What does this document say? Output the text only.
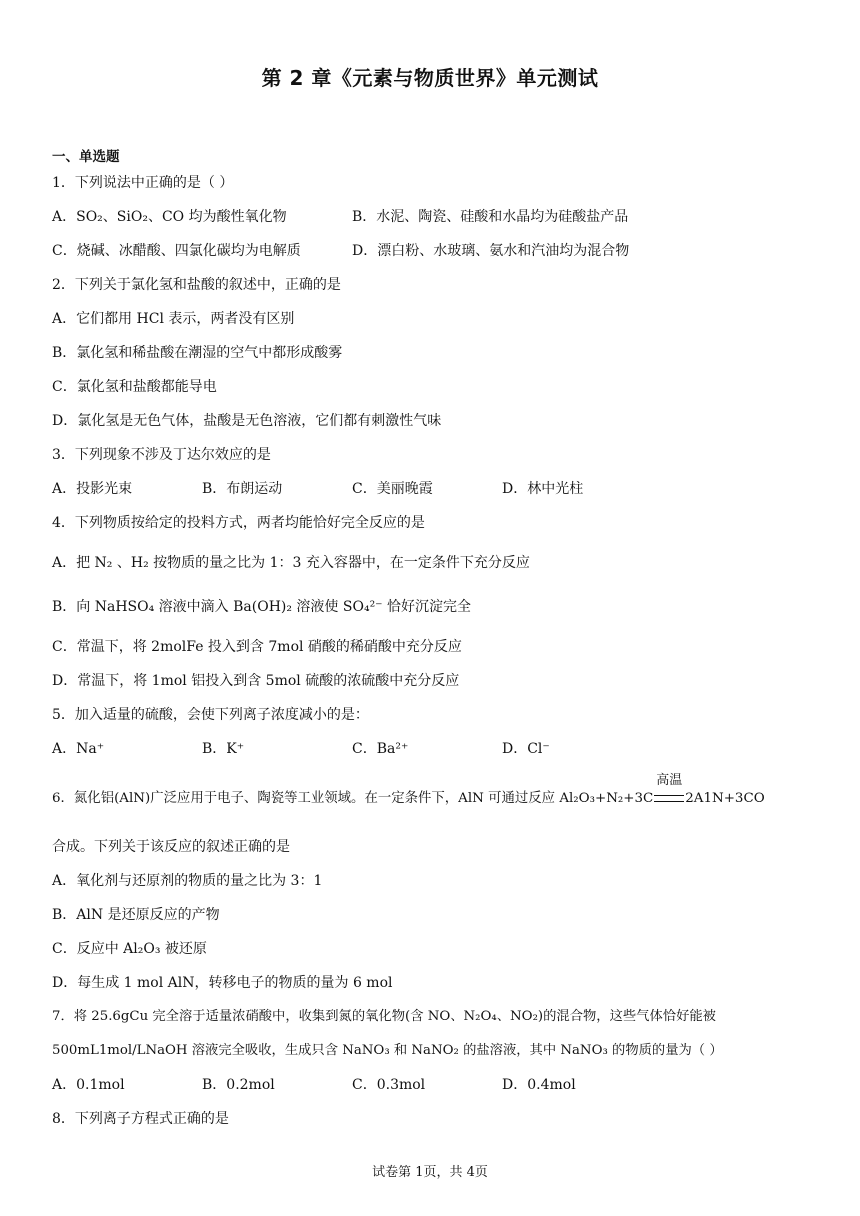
第 2 章《元素与物质世界》单元测试
一、单选题
1．下列说法中正确的是（ ）
A．SO₂、SiO₂、CO 均为酸性氧化物	B．水泥、陶瓷、硅酸和水晶均为硅酸盐产品
C．烧碱、冰醋酸、四氯化碳均为电解质	D．漂白粉、水玻璃、氨水和汽油均为混合物
2．下列关于氯化氢和盐酸的叙述中，正确的是
A．它们都用 HCl 表示，两者没有区别
B．氯化氢和稀盐酸在潮湿的空气中都形成酸雾
C．氯化氢和盐酸都能导电
D．氯化氢是无色气体，盐酸是无色溶液，它们都有刺激性气味
3．下列现象不涉及丁达尔效应的是
A．投影光束	B．布朗运动	C．美丽晚霞	D．林中光柱
4．下列物质按给定的投料方式，两者均能恰好完全反应的是
A．把 N₂ 、H₂ 按物质的量之比为 1：3 充入容器中，在一定条件下充分反应
B．向 NaHSO₄ 溶液中滴入 Ba(OH)₂ 溶液使 SO₄²⁻ 恰好沉淀完全
C．常温下，将 2molFe 投入到含 7mol 硝酸的稀硝酸中充分反应
D．常温下，将 1mol 铝投入到含 5mol 硫酸的浓硫酸中充分反应
5．加入适量的硫酸，会使下列离子浓度减小的是：
A．Na⁺	B．K⁺	C．Ba²⁺	D．Cl⁻
6．氮化铝(AlN)广泛应用于电子、陶瓷等工业领域。在一定条件下，AlN 可通过反应 Al₂O₃+N₂+3C
高温
2A1N+3CO
合成。下列关于该反应的叙述正确的是
A．氧化剂与还原剂的物质的量之比为 3：1
B．AlN 是还原反应的产物
C．反应中 Al₂O₃ 被还原
D．每生成 1 mol AlN，转移电子的物质的量为 6 mol
7．将 25.6gCu 完全溶于适量浓硝酸中，收集到氮的氧化物(含 NO、N₂O₄、NO₂)的混合物，这些气体恰好能被
500mL1mol/LNaOH 溶液完全吸收，生成只含 NaNO₃ 和 NaNO₂ 的盐溶液，其中 NaNO₃ 的物质的量为（ ）
A．0.1mol	B．0.2mol	C．0.3mol	D．0.4mol
8．下列离子方程式正确的是
试卷第 1页，共 4页
